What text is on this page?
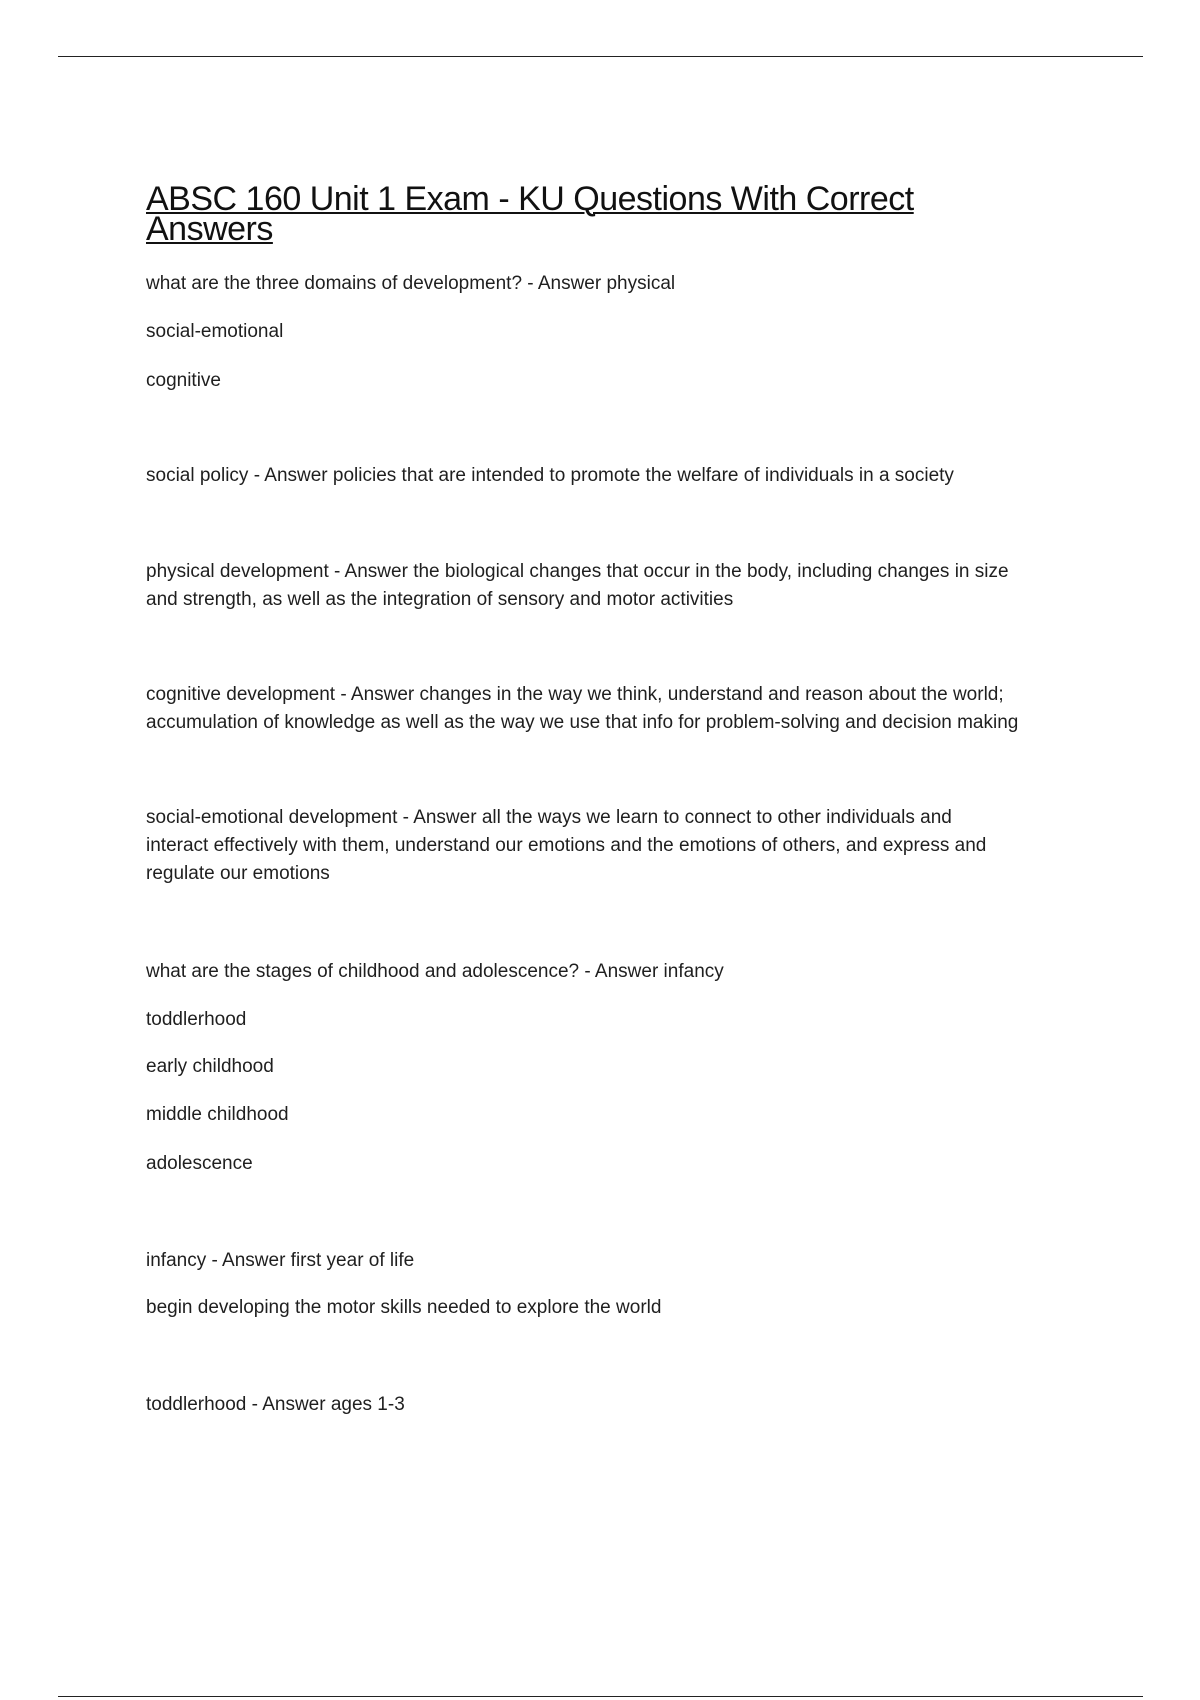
ABSC 160 Unit 1 Exam - KU Questions With Correct Answers

what are the three domains of development? - Answer physical

social-emotional

cognitive

social policy - Answer policies that are intended to promote the welfare of individuals in a society

physical development - Answer the biological changes that occur in the body, including changes in size

and strength, as well as the integration of sensory and motor activities

cognitive development - Answer changes in the way we think, understand and reason about the world;

accumulation of knowledge as well as the way we use that info for problem-solving and decision making

social-emotional development - Answer all the ways we learn to connect to other individuals and

interact effectively with them, understand our emotions and the emotions of others, and express and

regulate our emotions

what are the stages of childhood and adolescence? - Answer infancy

toddlerhood

early childhood

middle childhood

adolescence

infancy - Answer first year of life

begin developing the motor skills needed to explore the world

toddlerhood - Answer ages 1-3
